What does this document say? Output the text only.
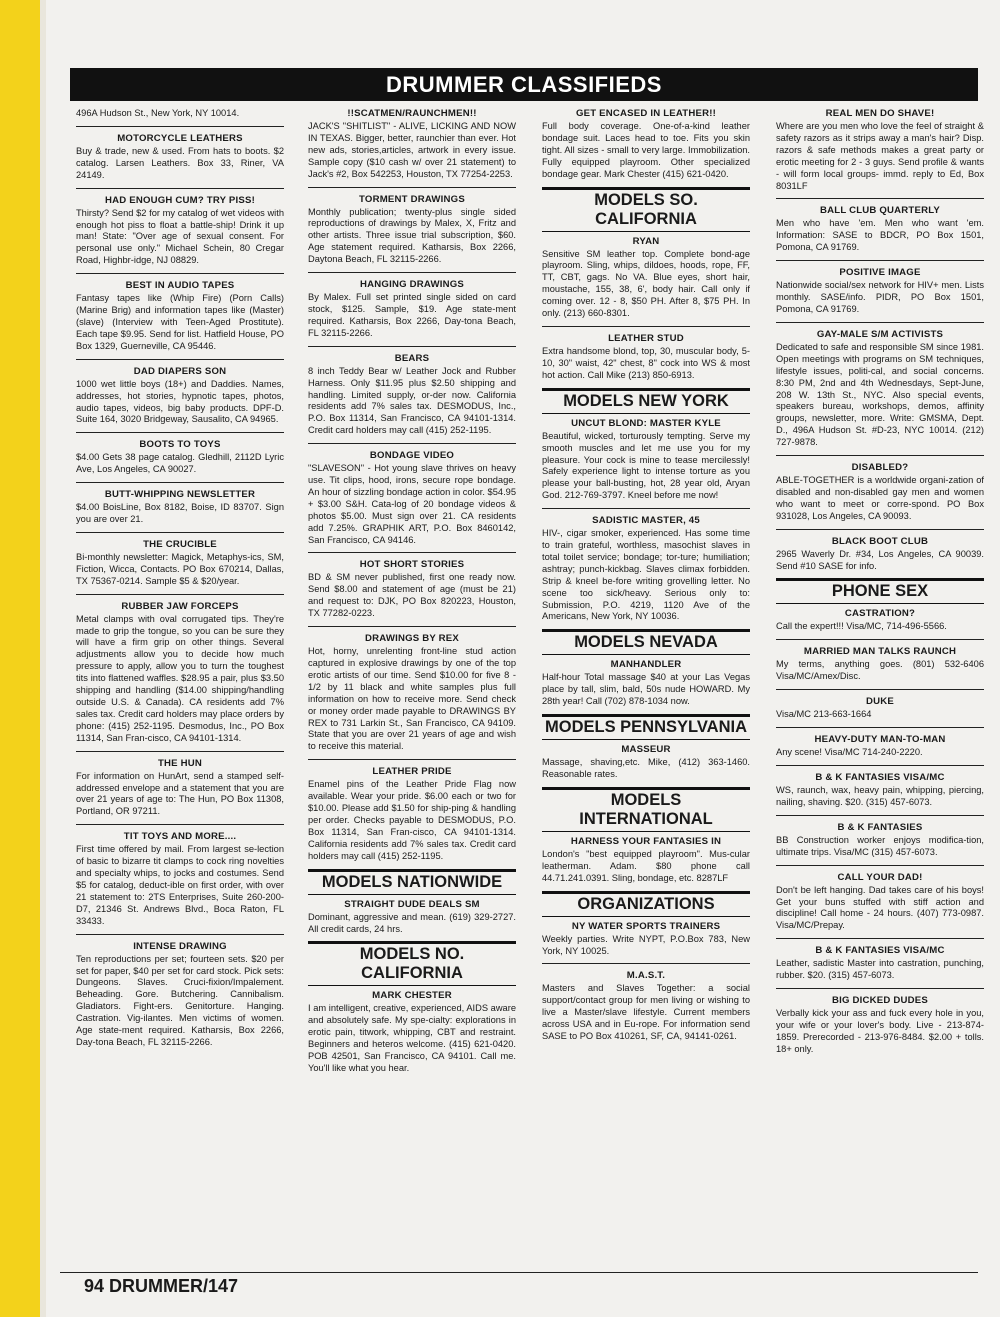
DRUMMER CLASSIFIEDS

496A Hudson St., New York, NY 10014.

MOTORCYCLE LEATHERS

Buy & trade, new & used. From hats to boots. $2 catalog. Larsen Leathers. Box 33, Riner, VA 24149.

HAD ENOUGH CUM? TRY PISS!

Thirsty? Send $2 for my catalog of wet videos with enough hot piss to float a battle-ship! Drink it up man! State: "Over age of sexual consent. For personal use only." Michael Schein, 80 Cregar Road, Highbr-idge, NJ 08829.

BEST IN AUDIO TAPES

Fantasy tapes like (Whip Fire) (Porn Calls) (Marine Brig) and information tapes like (Master) (slave) (Interview with Teen-Aged Prostitute). Each tape $9.95. Send for list. Hatfield House, PO Box 1329, Guerneville, CA 95446.

DAD DIAPERS SON

1000 wet little boys (18+) and Daddies. Names, addresses, hot stories, hypnotic tapes, photos, audio tapes, videos, big baby products. DPF-D. Suite 164, 3020 Bridgeway, Sausalito, CA 94965.

BOOTS TO TOYS

$4.00 Gets 38 page catalog. Gledhill, 2112D Lyric Ave, Los Angeles, CA 90027.

BUTT-WHIPPING NEWSLETTER

$4.00 BoisLine, Box 8182, Boise, ID 83707. Sign you are over 21.

THE CRUCIBLE

Bi-monthly newsletter: Magick, Metaphys-ics, SM, Fiction, Wicca, Contacts. PO Box 670214, Dallas, TX 75367-0214. Sample $5 & $20/year.

RUBBER JAW FORCEPS

Metal clamps with oval corrugated tips. They're made to grip the tongue, so you can be sure they will have a firm grip on other things. Several adjustments allow you to decide how much pressure to apply, allow you to turn the toughest tits into flattened waffles. $28.95 a pair, plus $3.50 shipping and handling ($14.00 shipping/handling outside U.S. & Canada). CA residents add 7% sales tax. Credit card holders may place orders by phone: (415) 252-1195. Desmodus, Inc., PO Box 11314, San Fran-cisco, CA 94101-1314.

THE HUN

For information on HunArt, send a stamped self-addressed envelope and a statement that you are over 21 years of age to: The Hun, PO Box 11308, Portland, OR 97211.

TIT TOYS AND MORE....

First time offered by mail. From largest se-lection of basic to bizarre tit clamps to cock ring novelties and specialty whips, to jocks and costumes. Send $5 for catalog, deduct-ible on first order, with over 21 statement to: 2TS Enterprises, Suite 260-200-D7, 21346 St. Andrews Blvd., Boca Raton, FL 33433.

INTENSE DRAWING

Ten reproductions per set; fourteen sets. $20 per set for paper, $40 per set for card stock. Pick sets: Dungeons. Slaves. Cruci-fixion/Impalement. Beheading. Gore. Butchering. Cannibalism. Gladiators. Fight-ers. Genitorture. Hanging. Castration. Vig-ilantes. Men victims of women. Age state-ment required. Katharsis, Box 2266, Day-tona Beach, FL 32115-2266.

!!SCATMEN/RAUNCHMEN!!

JACK'S "SHITLIST" - ALIVE, LICKING AND NOW IN TEXAS. Bigger, better, raunchier than ever. Hot new ads, stories,articles, artwork in every issue. Sample copy ($10 cash w/ over 21 statement) to Jack's #2, Box 542253, Houston, TX 77254-2253.

TORMENT DRAWINGS

Monthly publication; twenty-plus single sided reproductions of drawings by Malex, X, Fritz and other artists. Three issue trial subscription, $60. Age statement required. Katharsis, Box 2266, Daytona Beach, FL 32115-2266.

HANGING DRAWINGS

By Malex. Full set printed single sided on card stock, $125. Sample, $19. Age state-ment required. Katharsis, Box 2266, Day-tona Beach, FL 32115-2266.

BEARS

8 inch Teddy Bear w/ Leather Jock and Rubber Harness. Only $11.95 plus $2.50 shipping and handling. Limited supply, or-der now. California residents add 7% sales tax. DESMODUS, Inc., P.O. Box 11314, San Francisco, CA 94101-1314. Credit card holders may call (415) 252-1195.

BONDAGE VIDEO

"SLAVESON" - Hot young slave thrives on heavy use. Tit clips, hood, irons, secure rope bondage. An hour of sizzling bondage action in color. $54.95 + $3.00 S&H. Cata-log of 20 bondage videos & photos $5.00. Must sign over 21. CA residents add 7.25%. GRAPHIK ART, P.O. Box 8460142, San Francisco, CA 94146.

HOT SHORT STORIES

BD & SM never published, first one ready now. Send $8.00 and statement of age (must be 21) and request to: DJK, PO Box 820223, Houston, TX 77282-0223.

DRAWINGS BY REX

Hot, horny, unrelenting front-line stud action captured in explosive drawings by one of the top erotic artists of our time. Send $10.00 for five 8 - 1/2 by 11 black and white samples plus full information on how to receive more. Send check or money order made payable to DRAWINGS BY REX to 731 Larkin St., San Francisco, CA 94109. State that you are over 21 years of age and wish to receive this material.

LEATHER PRIDE

Enamel pins of the Leather Pride Flag now available. Wear your pride. $6.00 each or two for $10.00. Please add $1.50 for ship-ping & handling per order. Checks payable to DESMODUS, P.O. Box 11314, San Fran-cisco, CA 94101-1314. California residents add 7% sales tax. Credit card holders may call (415) 252-1195.

MODELS NATIONWIDE
STRAIGHT DUDE DEALS SM

Dominant, aggressive and mean. (619) 329-2727. All credit cards, 24 hrs.

MODELS NO. CALIFORNIA
MARK CHESTER

I am intelligent, creative, experienced, AIDS aware and absolutely safe. My spe-cialty: explorations in erotic pain, titwork, whipping, CBT and restraint. Beginners and heteros welcome. (415) 621-0420. POB 42501, San Francisco, CA 94101. Call me. You'll like what you hear.

GET ENCASED IN LEATHER!!

Full body coverage. One-of-a-kind leather bondage suit. Laces head to toe. Fits you skin tight. All sizes - small to very large. Immobilization. Fully equipped playroom. Other specialized bondage gear. Mark Chester (415) 621-0420.

MODELS SO. CALIFORNIA
RYAN

Sensitive SM leather top. Complete bond-age playroom. Sling, whips, dildoes, hoods, rope, FF, TT, CBT, gags. No VA. Blue eyes, short hair, moustache, 155, 38, 6', body hair. Call only if coming over. 12 - 8, $50 PH. After 8, $75 PH. In only. (213) 660-8301.

LEATHER STUD

Extra handsome blond, top, 30, muscular body, 5-10, 30" waist, 42" chest, 8" cock into WS & most hot action. Call Mike (213) 850-6913.

MODELS NEW YORK
UNCUT BLOND: MASTER KYLE

Beautiful, wicked, torturously tempting. Serve my smooth muscles and let me use you for my pleasure. Your cock is mine to tease mercilessly! Safely experience light to intense torture as you please your ball-busting, hot, 28 year old, Aryan God. 212-769-3797. Kneel before me now!

SADISTIC MASTER, 45

HIV-, cigar smoker, experienced. Has some time to train grateful, worthless, masochist slaves in total toilet service; bondage; tor-ture; humiliation; ashtray; punch-kickbag. Slaves climax forbidden. Strip & kneel be-fore writing grovelling letter. No scene too sick/heavy. Serious only to: Submission, P.O. 4219, 1120 Ave of the Americans, New York, NY 10036.

MODELS NEVADA
MANHANDLER

Half-hour Total massage $40 at your Las Vegas place by tall, slim, bald, 50s nude HOWARD. My 28th year! Call (702) 878-1034 now.

MODELS PENNSYLVANIA
MASSEUR

Massage, shaving,etc. Mike, (412) 363-1460. Reasonable rates.

MODELS INTERNATIONAL
HARNESS YOUR FANTASIES IN

London's "best equipped playroom". Mus-cular leatherman. Adam. $80 phone call 44.71.241.0391. Sling, bondage, etc. 8287LF

ORGANIZATIONS
NY WATER SPORTS TRAINERS

Weekly parties. Write NYPT, P.O.Box 783, New York, NY 10025.

M.A.S.T.

Masters and Slaves Together: a social support/contact group for men living or wishing to live a Master/slave lifestyle. Current members across USA and in Eu-rope. For information send SASE to PO Box 410261, SF, CA, 94141-0261.

REAL MEN DO SHAVE!

Where are you men who love the feel of straight & safety razors as it strips away a man's hair? Disp. razors & safe methods makes a great party or erotic meeting for 2 - 3 guys. Send profile & wants - will form local groups- immd. reply to Ed, Box 8031LF

BALL CLUB QUARTERLY

Men who have 'em. Men who want 'em. Information: SASE to BDCR, PO Box 1501, Pomona, CA 91769.

POSITIVE IMAGE

Nationwide social/sex network for HIV+ men. Lists monthly. SASE/info. PIDR, PO Box 1501, Pomona, CA 91769.

GAY-MALE S/M ACTIVISTS

Dedicated to safe and responsible SM since 1981. Open meetings with programs on SM techniques, lifestyle issues, politi-cal, and social concerns. 8:30 PM, 2nd and 4th Wednesdays, Sept-June, 208 W. 13th St., NYC. Also special events, speakers bureau, workshops, demos, affinity groups, newsletter, more. Write: GMSMA, Dept. D., 496A Hudson St. #D-23, NYC 10014. (212) 727-9878.

DISABLED?

ABLE-TOGETHER is a worldwide organi-zation of disabled and non-disabled gay men and women who want to meet or corre-spond. PO Box 931028, Los Angeles, CA 90093.

BLACK BOOT CLUB

2965 Waverly Dr. #34, Los Angeles, CA 90039. Send #10 SASE for info.

PHONE SEX
CASTRATION?

Call the expert!!! Visa/MC, 714-496-5566.

MARRIED MAN TALKS RAUNCH

My terms, anything goes. (801) 532-6406 Visa/MC/Amex/Disc.

DUKE

Visa/MC 213-663-1664

HEAVY-DUTY MAN-TO-MAN

Any scene! Visa/MC 714-240-2220.

B & K FANTASIES VISA/MC

WS, raunch, wax, heavy pain, whipping, piercing, nailing, shaving. $20. (315) 457-6073.

B & K FANTASIES

BB Construction worker enjoys modifica-tion, ultimate trips. Visa/MC (315) 457-6073.

CALL YOUR DAD!

Don't be left hanging. Dad takes care of his boys! Get your buns stuffed with stiff action and discipline! Call home - 24 hours. (407) 773-0987. Visa/MC/Prepay.

B & K FANTASIES VISA/MC

Leather, sadistic Master into castration, punching, rubber. $20. (315) 457-6073.

BIG DICKED DUDES

Verbally kick your ass and fuck every hole in you, your wife or your lover's body. Live - 213-874-1859. Prerecorded - 213-976-8484. $2.00 + tolls. 18+ only.

94 DRUMMER/147
